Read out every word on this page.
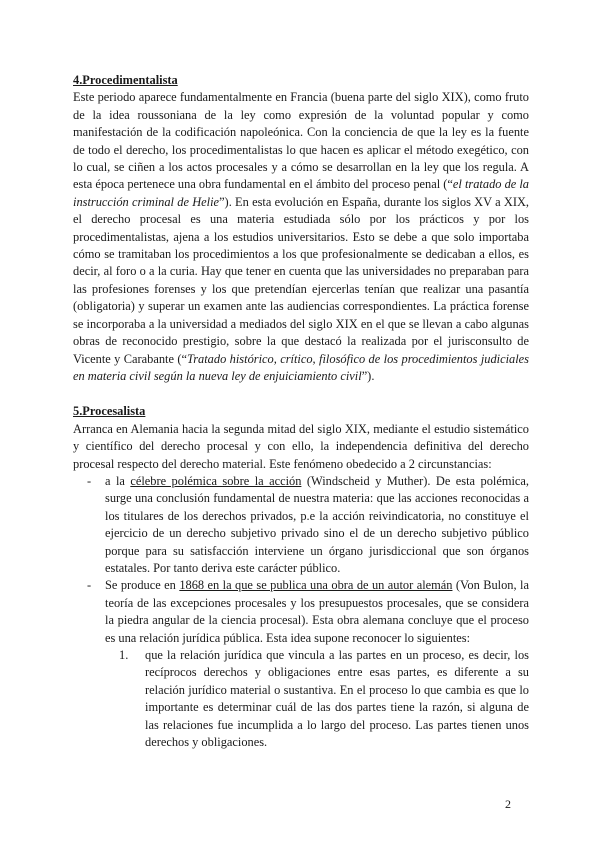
4.Procedimentalista

Este periodo aparece fundamentalmente en Francia (buena parte del siglo XIX), como fruto de la idea roussoniana de la ley como expresión de la voluntad popular y como manifestación de la codificación napoleónica. Con la conciencia de que la ley es la fuente de todo el derecho, los procedimentalistas lo que hacen es aplicar el método exegético, con lo cual, se ciñen a los actos procesales y a cómo se desarrollan en la ley que los regula. A esta época pertenece una obra fundamental en el ámbito del proceso penal (“el tratado de la instrucción criminal de Helie”). En esta evolución en España, durante los siglos XV a XIX, el derecho procesal es una materia estudiada sólo por los prácticos y por los procedimentalistas, ajena a los estudios universitarios. Esto se debe a que solo importaba cómo se tramitaban los procedimientos a los que profesionalmente se dedicaban a ellos, es decir, al foro o a la curia. Hay que tener en cuenta que las universidades no preparaban para las profesiones forenses y los que pretendían ejercerlas tenían que realizar una pasantía (obligatoria) y superar un examen ante las audiencias correspondientes. La práctica forense se incorporaba a la universidad a mediados del siglo XIX en el que se llevan a cabo algunas obras de reconocido prestigio, sobre la que destacó la realizada por el jurisconsulto de Vicente y Carabante (“Tratado histórico, crítico, filosófico de los procedimientos judiciales en materia civil según la nueva ley de enjuiciamiento civil”).

5.Procesalista

Arranca en Alemania hacia la segunda mitad del siglo XIX, mediante el estudio sistemático y científico del derecho procesal y con ello, la independencia definitiva del derecho procesal respecto del derecho material. Este fenómeno obedecido a 2 circunstancias:

- a la célebre polémica sobre la acción (Windscheid y Muther). De esta polémica, surge una conclusión fundamental de nuestra materia: que las acciones reconocidas a los titulares de los derechos privados, p.e la acción reivindicatoria, no constituye el ejercicio de un derecho subjetivo privado sino el de un derecho subjetivo público porque para su satisfacción interviene un órgano jurisdiccional que son órganos estatales. Por tanto deriva este carácter público.
- Se produce en 1868 en la que se publica una obra de un autor alemán (Von Bulon, la teoría de las excepciones procesales y los presupuestos procesales, que se considera la piedra angular de la ciencia procesal). Esta obra alemana concluye que el proceso es una relación jurídica pública. Esta idea supone reconocer lo siguientes:
1. que la relación jurídica que vincula a las partes en un proceso, es decir, los recíprocos derechos y obligaciones entre esas partes, es diferente a su relación jurídico material o sustantiva. En el proceso lo que cambia es que lo importante es determinar cuál de las dos partes tiene la razón, si alguna de las relaciones fue incumplida a lo largo del proceso. Las partes tienen unos derechos y obligaciones.
2
